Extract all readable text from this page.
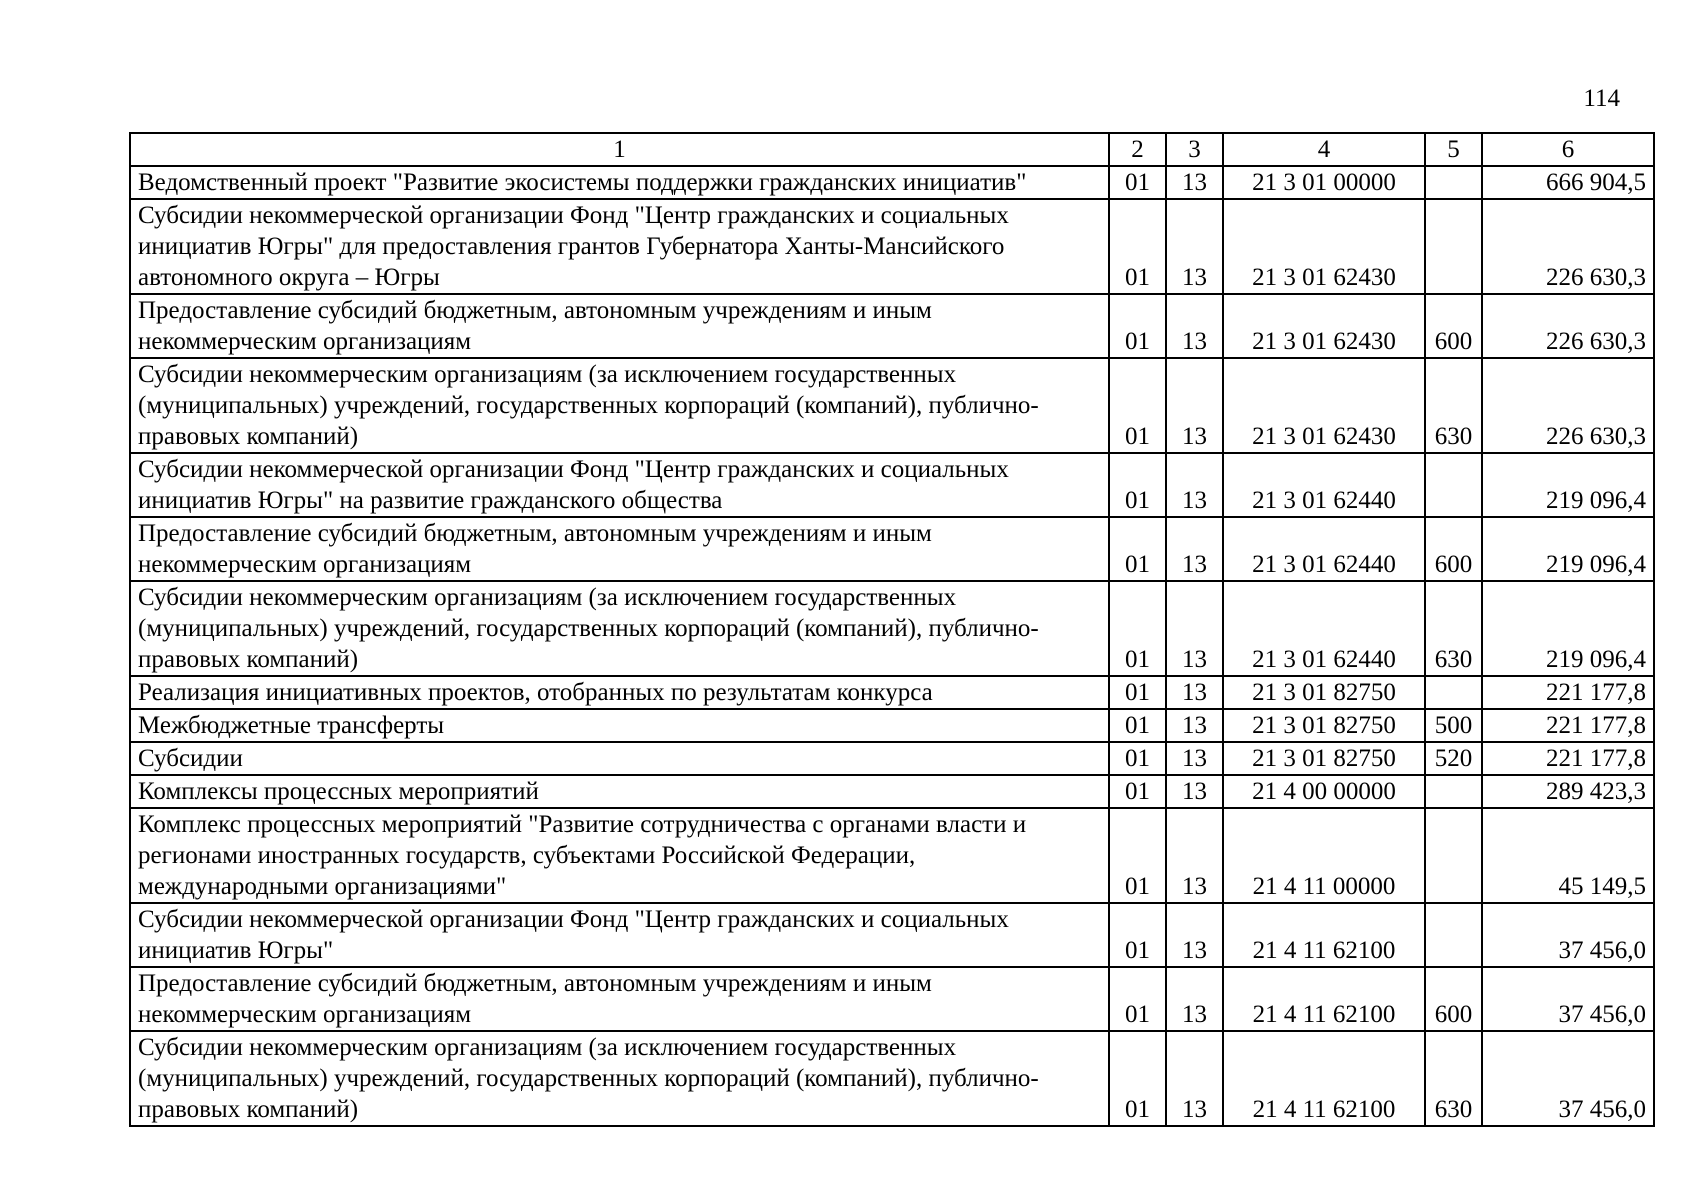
114
1	2	3	4	5	6
Ведомственный проект "Развитие экосистемы поддержки гражданских инициатив"	01	13	21 3 01 00000		666 904,5
Субсидии некоммерческой организации Фонд "Центр гражданских и социальных инициатив Югры" для предоставления грантов Губернатора Ханты-Мансийского автономного округа – Югры	01	13	21 3 01 62430		226 630,3
Предоставление субсидий бюджетным, автономным учреждениям и иным некоммерческим организациям	01	13	21 3 01 62430	600	226 630,3
Субсидии некоммерческим организациям (за исключением государственных (муниципальных) учреждений, государственных корпораций (компаний), публично-правовых компаний)	01	13	21 3 01 62430	630	226 630,3
Субсидии некоммерческой организации Фонд "Центр гражданских и социальных инициатив Югры" на развитие гражданского общества	01	13	21 3 01 62440		219 096,4
Предоставление субсидий бюджетным, автономным учреждениям и иным некоммерческим организациям	01	13	21 3 01 62440	600	219 096,4
Субсидии некоммерческим организациям (за исключением государственных (муниципальных) учреждений, государственных корпораций (компаний), публично-правовых компаний)	01	13	21 3 01 62440	630	219 096,4
Реализация инициативных проектов, отобранных по результатам конкурса	01	13	21 3 01 82750		221 177,8
Межбюджетные трансферты	01	13	21 3 01 82750	500	221 177,8
Субсидии	01	13	21 3 01 82750	520	221 177,8
Комплексы процессных мероприятий	01	13	21 4 00 00000		289 423,3
Комплекс процессных мероприятий "Развитие сотрудничества с органами власти и регионами иностранных государств, субъектами Российской Федерации, международными организациями"	01	13	21 4 11 00000		45 149,5
Субсидии некоммерческой организации Фонд "Центр гражданских и социальных инициатив Югры"	01	13	21 4 11 62100		37 456,0
Предоставление субсидий бюджетным, автономным учреждениям и иным некоммерческим организациям	01	13	21 4 11 62100	600	37 456,0
Субсидии некоммерческим организациям (за исключением государственных (муниципальных) учреждений, государственных корпораций (компаний), публично-правовых компаний)	01	13	21 4 11 62100	630	37 456,0
